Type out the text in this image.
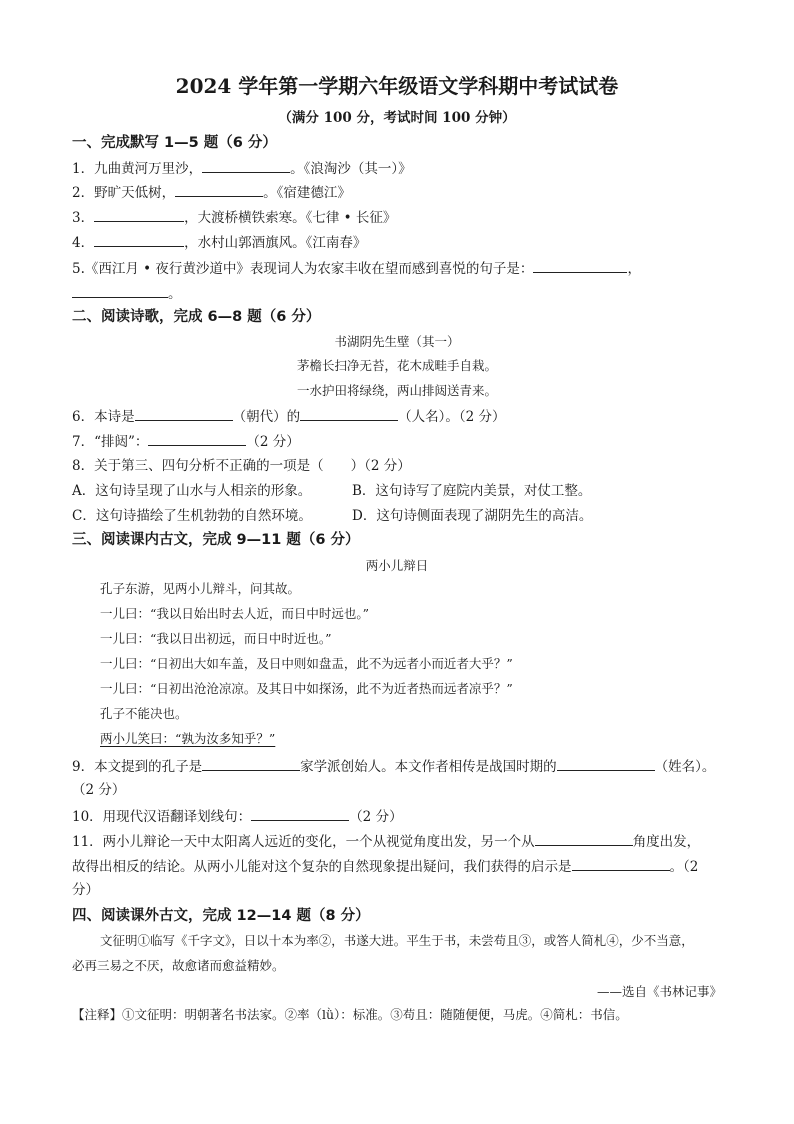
2024 学年第一学期六年级语文学科期中考试试卷
（满分 100 分，考试时间 100 分钟）
一、完成默写 1—5 题（6 分）
1．九曲黄河万里沙，	。《浪淘沙（其一）》
2．野旷天低树，	。《宿建德江》
3．	，大渡桥横铁索寒。《七律 • 长征》
4．	，水村山郭酒旗风。《江南春》
5.《西江月 • 夜行黄沙道中》表现词人为农家丰收在望而感到喜悦的句子是：	，
。
二、阅读诗歌，完成 6—8 题（6 分）
书湖阴先生壁（其一）
茅檐长扫净无苔，花木成畦手自栽。
一水护田将绿绕，两山排闼送青来。
6．本诗是	（朝代）的	（人名）。（2 分）
7．“排闼”：	（2 分）
8．关于第三、四句分析不正确的一项是（　　）（2 分）
A．这句诗呈现了山水与人相亲的形象。	B．这句诗写了庭院内美景，对仗工整。
C．这句诗描绘了生机勃勃的自然环境。	D．这句诗侧面表现了湖阴先生的高洁。
三、阅读课内古文，完成 9—11 题（6 分）
两小儿辩日
孔子东游，见两小儿辩斗，问其故。
一儿曰：“我以日始出时去人近，而日中时远也。”
一儿曰：“我以日出初远，而日中时近也。”
一儿曰：“日初出大如车盖，及日中则如盘盂，此不为远者小而近者大乎？”
一儿曰：“日初出沧沧凉凉。及其日中如探汤，此不为近者热而远者凉乎？”
孔子不能决也。
两小儿笑曰：“孰为汝多知乎？”
9．本文提到的孔子是	家学派创始人。本文作者相传是战国时期的	（姓名）。
（2 分）
10．用现代汉语翻译划线句：	（2 分）
11．两小儿辩论一天中太阳离人远近的变化，一个从视觉角度出发，另一个从	角度出发，
故得出相反的结论。从两小儿能对这个复杂的自然现象提出疑问，我们获得的启示是	。（2
分）
四、阅读课外古文，完成 12—14 题（8 分）
文征明①临写《千字文》，日以十本为率②，书遂大进。平生于书，未尝苟且③，或答人简札④，少不当意，
必再三易之不厌，故愈诸而愈益精妙。
——选自《书林记事》
【注释】①文征明：明朝著名书法家。②率（lǜ）：标准。③苟且：随随便便，马虎。④简札：书信。
